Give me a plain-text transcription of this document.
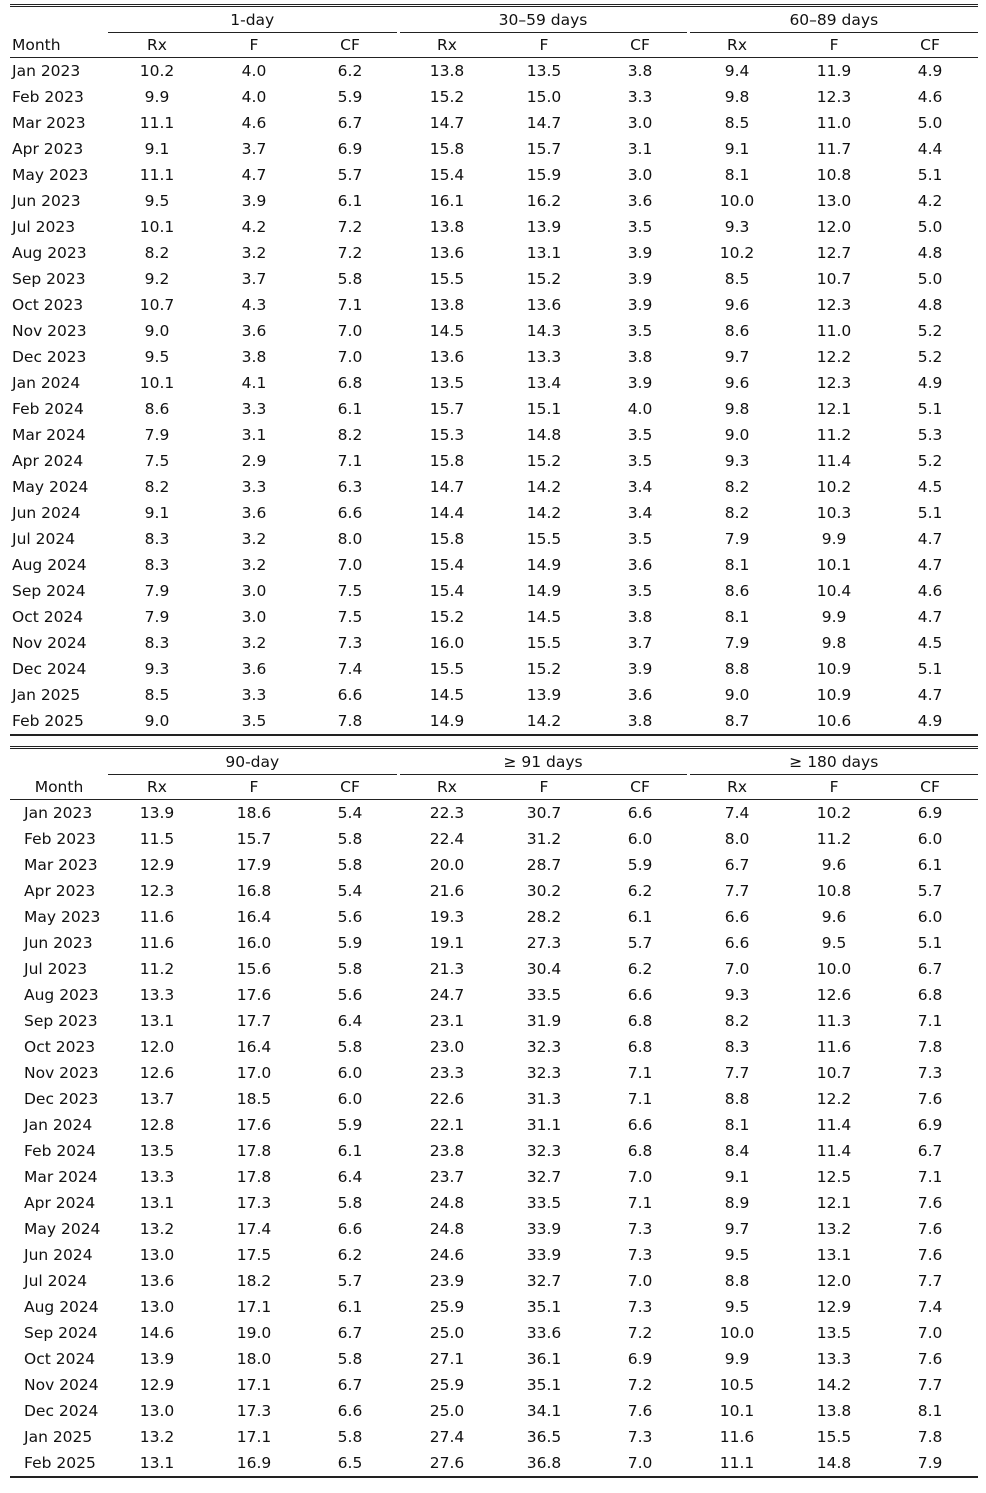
	1-day			30–59 days			60–89 days		
Month	Rx	F	CF	Rx	F	CF	Rx	F	CF
Jan 2023	10.2	4.0	6.2	13.8	13.5	3.8	9.4	11.9	4.9
Feb 2023	9.9	4.0	5.9	15.2	15.0	3.3	9.8	12.3	4.6
Mar 2023	11.1	4.6	6.7	14.7	14.7	3.0	8.5	11.0	5.0
Apr 2023	9.1	3.7	6.9	15.8	15.7	3.1	9.1	11.7	4.4
May 2023	11.1	4.7	5.7	15.4	15.9	3.0	8.1	10.8	5.1
Jun 2023	9.5	3.9	6.1	16.1	16.2	3.6	10.0	13.0	4.2
Jul 2023	10.1	4.2	7.2	13.8	13.9	3.5	9.3	12.0	5.0
Aug 2023	8.2	3.2	7.2	13.6	13.1	3.9	10.2	12.7	4.8
Sep 2023	9.2	3.7	5.8	15.5	15.2	3.9	8.5	10.7	5.0
Oct 2023	10.7	4.3	7.1	13.8	13.6	3.9	9.6	12.3	4.8
Nov 2023	9.0	3.6	7.0	14.5	14.3	3.5	8.6	11.0	5.2
Dec 2023	9.5	3.8	7.0	13.6	13.3	3.8	9.7	12.2	5.2
Jan 2024	10.1	4.1	6.8	13.5	13.4	3.9	9.6	12.3	4.9
Feb 2024	8.6	3.3	6.1	15.7	15.1	4.0	9.8	12.1	5.1
Mar 2024	7.9	3.1	8.2	15.3	14.8	3.5	9.0	11.2	5.3
Apr 2024	7.5	2.9	7.1	15.8	15.2	3.5	9.3	11.4	5.2
May 2024	8.2	3.3	6.3	14.7	14.2	3.4	8.2	10.2	4.5
Jun 2024	9.1	3.6	6.6	14.4	14.2	3.4	8.2	10.3	5.1
Jul 2024	8.3	3.2	8.0	15.8	15.5	3.5	7.9	9.9	4.7
Aug 2024	8.3	3.2	7.0	15.4	14.9	3.6	8.1	10.1	4.7
Sep 2024	7.9	3.0	7.5	15.4	14.9	3.5	8.6	10.4	4.6
Oct 2024	7.9	3.0	7.5	15.2	14.5	3.8	8.1	9.9	4.7
Nov 2024	8.3	3.2	7.3	16.0	15.5	3.7	7.9	9.8	4.5
Dec 2024	9.3	3.6	7.4	15.5	15.2	3.9	8.8	10.9	5.1
Jan 2025	8.5	3.3	6.6	14.5	13.9	3.6	9.0	10.9	4.7
Feb 2025	9.0	3.5	7.8	14.9	14.2	3.8	8.7	10.6	4.9
	90-day			≥ 91 days			≥ 180 days		
Month	Rx	F	CF	Rx	F	CF	Rx	F	CF
Jan 2023	13.9	18.6	5.4	22.3	30.7	6.6	7.4	10.2	6.9
Feb 2023	11.5	15.7	5.8	22.4	31.2	6.0	8.0	11.2	6.0
Mar 2023	12.9	17.9	5.8	20.0	28.7	5.9	6.7	9.6	6.1
Apr 2023	12.3	16.8	5.4	21.6	30.2	6.2	7.7	10.8	5.7
May 2023	11.6	16.4	5.6	19.3	28.2	6.1	6.6	9.6	6.0
Jun 2023	11.6	16.0	5.9	19.1	27.3	5.7	6.6	9.5	5.1
Jul 2023	11.2	15.6	5.8	21.3	30.4	6.2	7.0	10.0	6.7
Aug 2023	13.3	17.6	5.6	24.7	33.5	6.6	9.3	12.6	6.8
Sep 2023	13.1	17.7	6.4	23.1	31.9	6.8	8.2	11.3	7.1
Oct 2023	12.0	16.4	5.8	23.0	32.3	6.8	8.3	11.6	7.8
Nov 2023	12.6	17.0	6.0	23.3	32.3	7.1	7.7	10.7	7.3
Dec 2023	13.7	18.5	6.0	22.6	31.3	7.1	8.8	12.2	7.6
Jan 2024	12.8	17.6	5.9	22.1	31.1	6.6	8.1	11.4	6.9
Feb 2024	13.5	17.8	6.1	23.8	32.3	6.8	8.4	11.4	6.7
Mar 2024	13.3	17.8	6.4	23.7	32.7	7.0	9.1	12.5	7.1
Apr 2024	13.1	17.3	5.8	24.8	33.5	7.1	8.9	12.1	7.6
May 2024	13.2	17.4	6.6	24.8	33.9	7.3	9.7	13.2	7.6
Jun 2024	13.0	17.5	6.2	24.6	33.9	7.3	9.5	13.1	7.6
Jul 2024	13.6	18.2	5.7	23.9	32.7	7.0	8.8	12.0	7.7
Aug 2024	13.0	17.1	6.1	25.9	35.1	7.3	9.5	12.9	7.4
Sep 2024	14.6	19.0	6.7	25.0	33.6	7.2	10.0	13.5	7.0
Oct 2024	13.9	18.0	5.8	27.1	36.1	6.9	9.9	13.3	7.6
Nov 2024	12.9	17.1	6.7	25.9	35.1	7.2	10.5	14.2	7.7
Dec 2024	13.0	17.3	6.6	25.0	34.1	7.6	10.1	13.8	8.1
Jan 2025	13.2	17.1	5.8	27.4	36.5	7.3	11.6	15.5	7.8
Feb 2025	13.1	16.9	6.5	27.6	36.8	7.0	11.1	14.8	7.9
